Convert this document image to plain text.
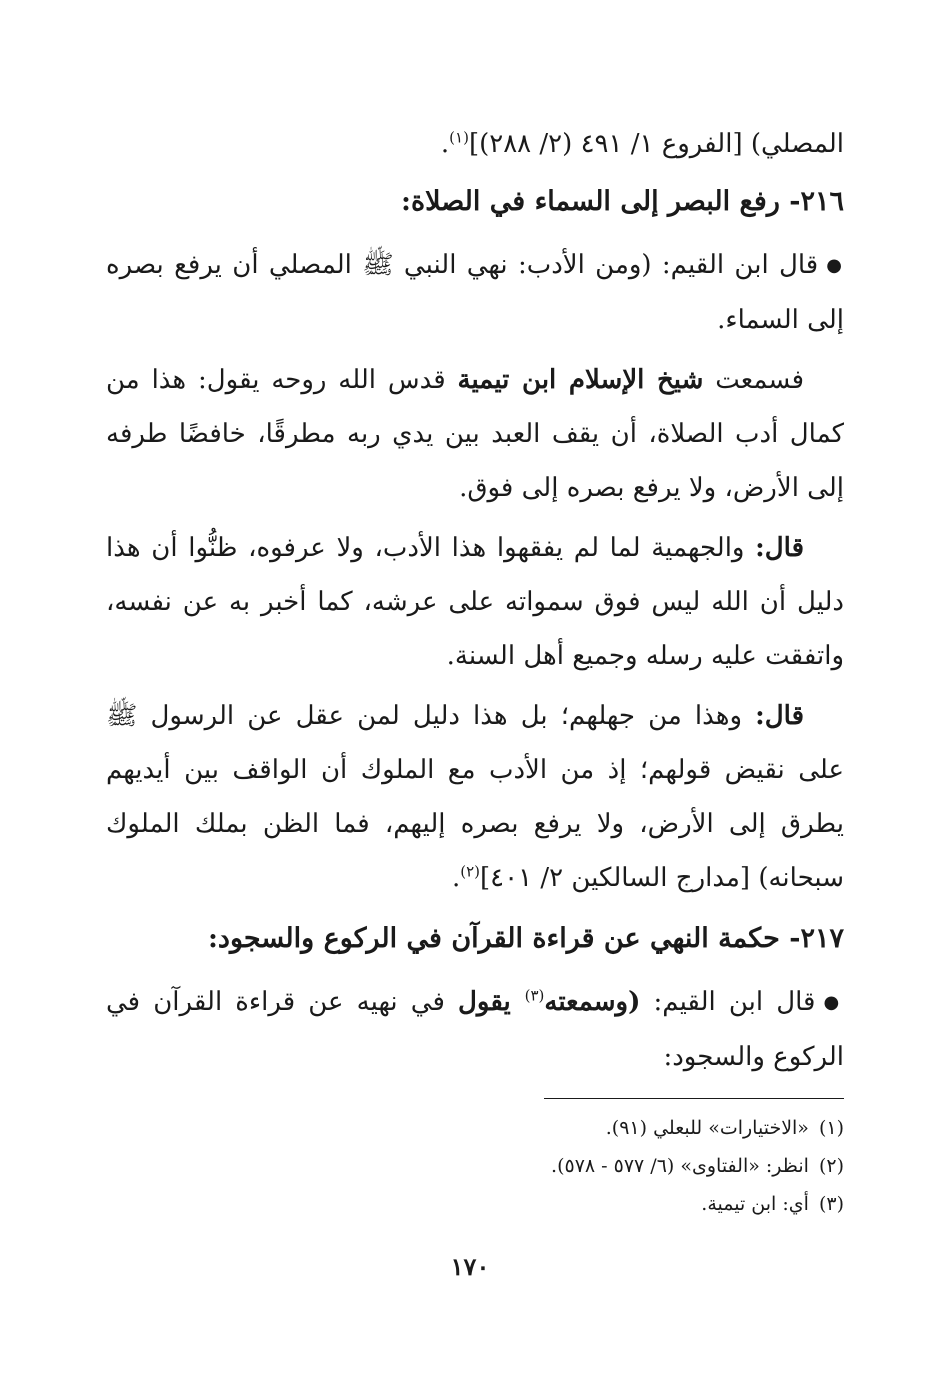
المصلي) [الفروع ١/ ٤٩١ (٢/ ٢٨٨)]$^{(١)}$.

٢١٦- رفع البصر إلى السماء في الصلاة:

●قال ابن القيم: (ومن الأدب: نهي النبي ﷺ المصلي أن يرفع بصره إلى السماء.

فسمعت شيخ الإسلام ابن تيمية قدس الله روحه يقول: هذا من كمال أدب الصلاة، أن يقف العبد بين يدي ربه مطرقًا، خافضًا طرفه إلى الأرض، ولا يرفع بصره إلى فوق.

قال: والجهمية لما لم يفقهوا هذا الأدب، ولا عرفوه، ظنُّوا أن هذا دليل أن الله ليس فوق سمواته على عرشه، كما أخبر به عن نفسه، واتفقت عليه رسله وجميع أهل السنة.

قال: وهذا من جهلهم؛ بل هذا دليل لمن عقل عن الرسول ﷺ على نقيض قولهم؛ إذ من الأدب مع الملوك أن الواقف بين أيديهم يطرق إلى الأرض، ولا يرفع بصره إليهم، فما الظن بملك الملوك سبحانه) [مدارج السالكين ٢/ ٤٠١]$^{(٢)}$.

٢١٧- حكمة النهي عن قراءة القرآن في الركوع والسجود:

●قال ابن القيم: (وسمعته$^{(٣)}$ يقول في نهيه عن قراءة القرآن في الركوع والسجود:

(١)«الاختيارات» للبعلي (٩١).

(٢)انظر: «الفتاوى» (٦/ ٥٧٧ - ٥٧٨).

(٣)أي: ابن تيمية.

١٧٠
